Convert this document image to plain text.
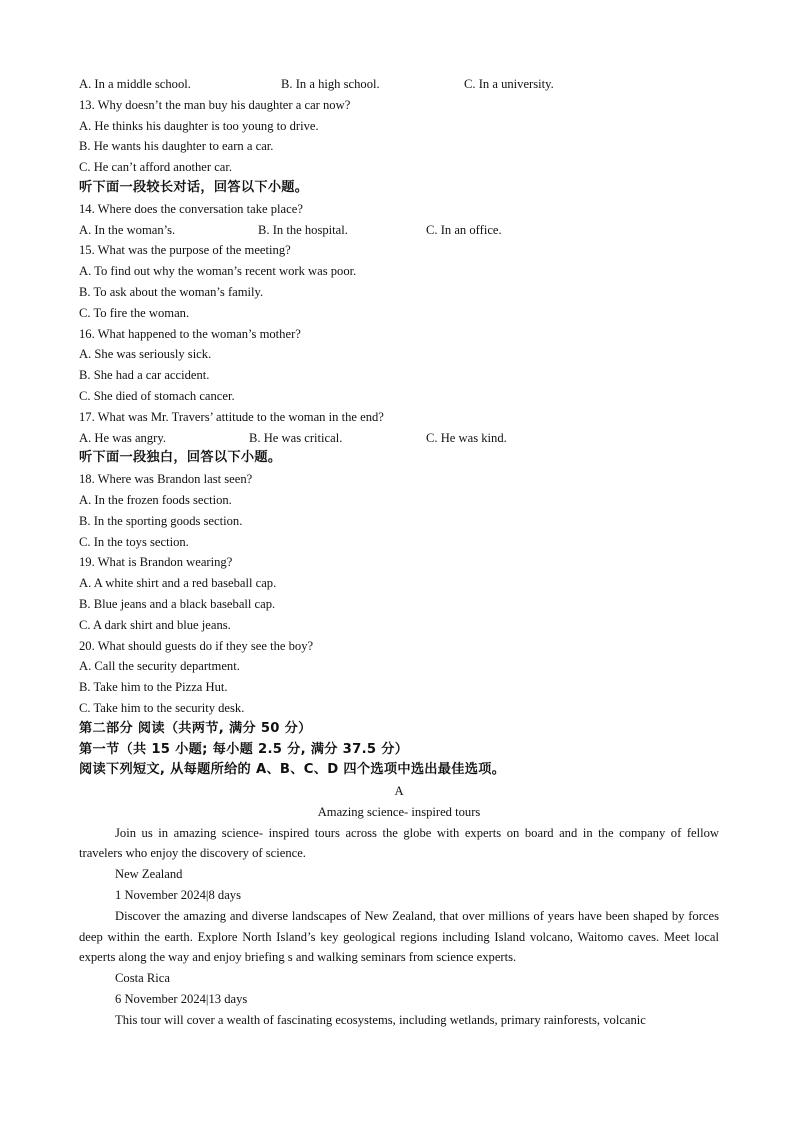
A. In a middle school.	B. In a high school.	C. In a university.
13. Why doesn’t the man buy his daughter a car now?
A. He thinks his daughter is too young to drive.
B. He wants his daughter to earn a car.
C. He can’t afford another car.
听下面一段较长对话，回答以下小题。
14. Where does the conversation take place?
A. In the woman’s.	B. In the hospital.	C. In an office.
15. What was the purpose of the meeting?
A. To find out why the woman’s recent work was poor.
B. To ask about the woman’s family.
C. To fire the woman.
16. What happened to the woman’s mother?
A. She was seriously sick.
B. She had a car accident.
C. She died of stomach cancer.
17. What was Mr. Travers’ attitude to the woman in the end?
A. He was angry.	B. He was critical.	C. He was kind.
听下面一段独白，回答以下小题。
18. Where was Brandon last seen?
A. In the frozen foods section.
B. In the sporting goods section.
C. In the toys section.
19. What is Brandon wearing?
A. A white shirt and a red baseball cap.
B. Blue jeans and a black baseball cap.
C. A dark shirt and blue jeans.
20. What should guests do if they see the boy?
A. Call the security department.
B. Take him to the Pizza Hut.
C. Take him to the security desk.
第二部分 阅读（共两节, 满分 50 分）
第一节（共 15 小题; 每小题 2.5 分, 满分 37.5 分）
阅读下列短文, 从每题所给的 A、B、C、D 四个选项中选出最佳选项。
A
Amazing science- inspired tours
Join us in amazing science- inspired tours across the globe with experts on board and in the company of fellow travelers who enjoy the discovery of science.
New Zealand
1 November 2024|8 days
Discover the amazing and diverse landscapes of New Zealand, that over millions of years have been shaped by forces deep within the earth. Explore North Island’s key geological regions including Island volcano, Waitomo caves. Meet local experts along the way and enjoy briefing s and walking seminars from science experts.
Costa Rica
6 November 2024|13 days
This tour will cover a wealth of fascinating ecosystems, including wetlands, primary rainforests, volcanic
